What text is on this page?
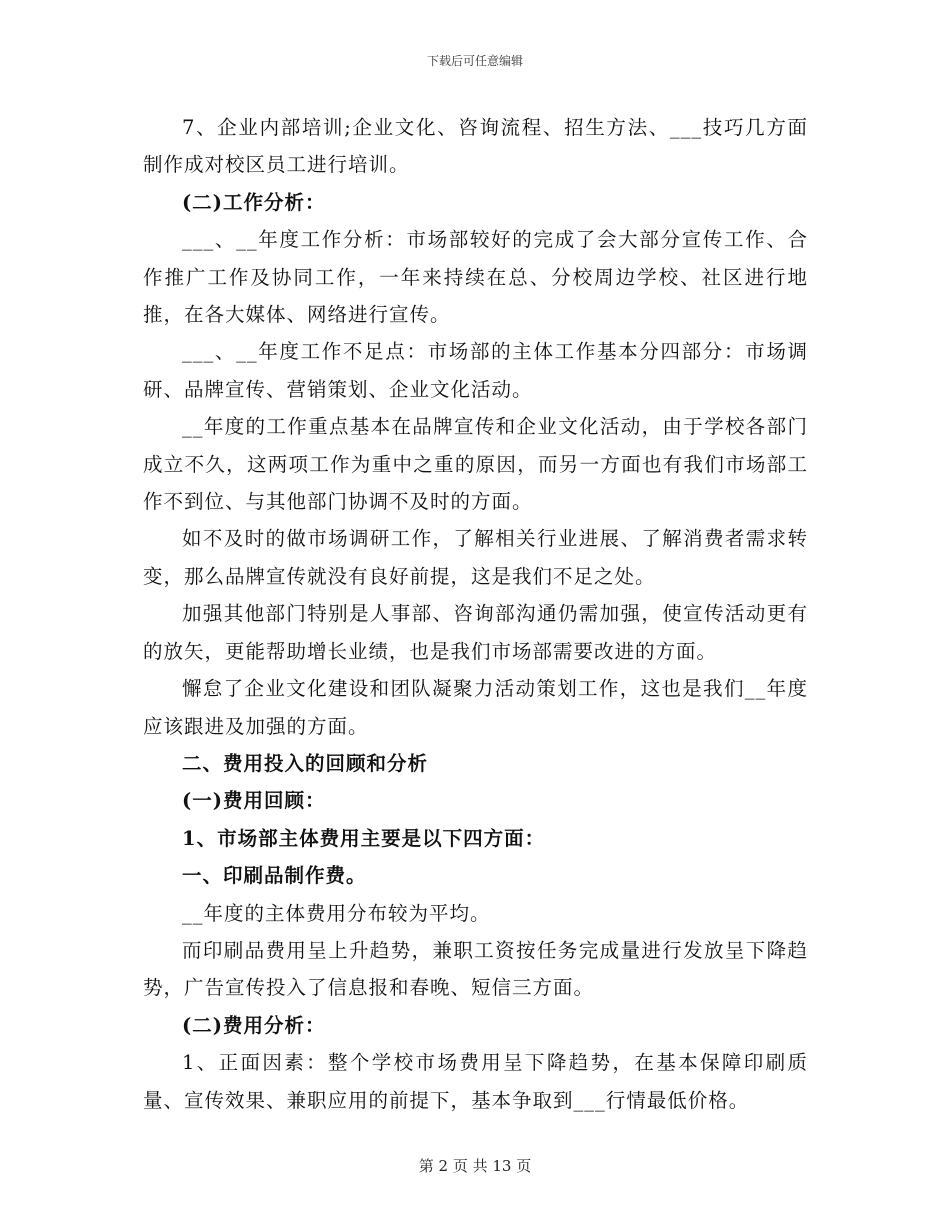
下载后可任意编辑

7、企业内部培训;企业文化、咨询流程、招生方法、___技巧几方面制作成对校区员工进行培训。

(二)工作分析：

___、__年度工作分析：市场部较好的完成了会大部分宣传工作、合作推广工作及协同工作，一年来持续在总、分校周边学校、社区进行地推，在各大媒体、网络进行宣传。

___、__年度工作不足点：市场部的主体工作基本分四部分：市场调研、品牌宣传、营销策划、企业文化活动。

__年度的工作重点基本在品牌宣传和企业文化活动，由于学校各部门成立不久，这两项工作为重中之重的原因，而另一方面也有我们市场部工作不到位、与其他部门协调不及时的方面。

如不及时的做市场调研工作，了解相关行业进展、了解消费者需求转变，那么品牌宣传就没有良好前提，这是我们不足之处。

加强其他部门特别是人事部、咨询部沟通仍需加强，使宣传活动更有的放矢，更能帮助增长业绩，也是我们市场部需要改进的方面。

懈怠了企业文化建设和团队凝聚力活动策划工作，这也是我们__年度应该跟进及加强的方面。

二、费用投入的回顾和分析

(一)费用回顾：

1、市场部主体费用主要是以下四方面：

一、印刷品制作费。

__年度的主体费用分布较为平均。

而印刷品费用呈上升趋势，兼职工资按任务完成量进行发放呈下降趋势，广告宣传投入了信息报和春晚、短信三方面。

(二)费用分析：

1、正面因素：整个学校市场费用呈下降趋势，在基本保障印刷质量、宣传效果、兼职应用的前提下，基本争取到___行情最低价格。

第 2 页 共 13 页
